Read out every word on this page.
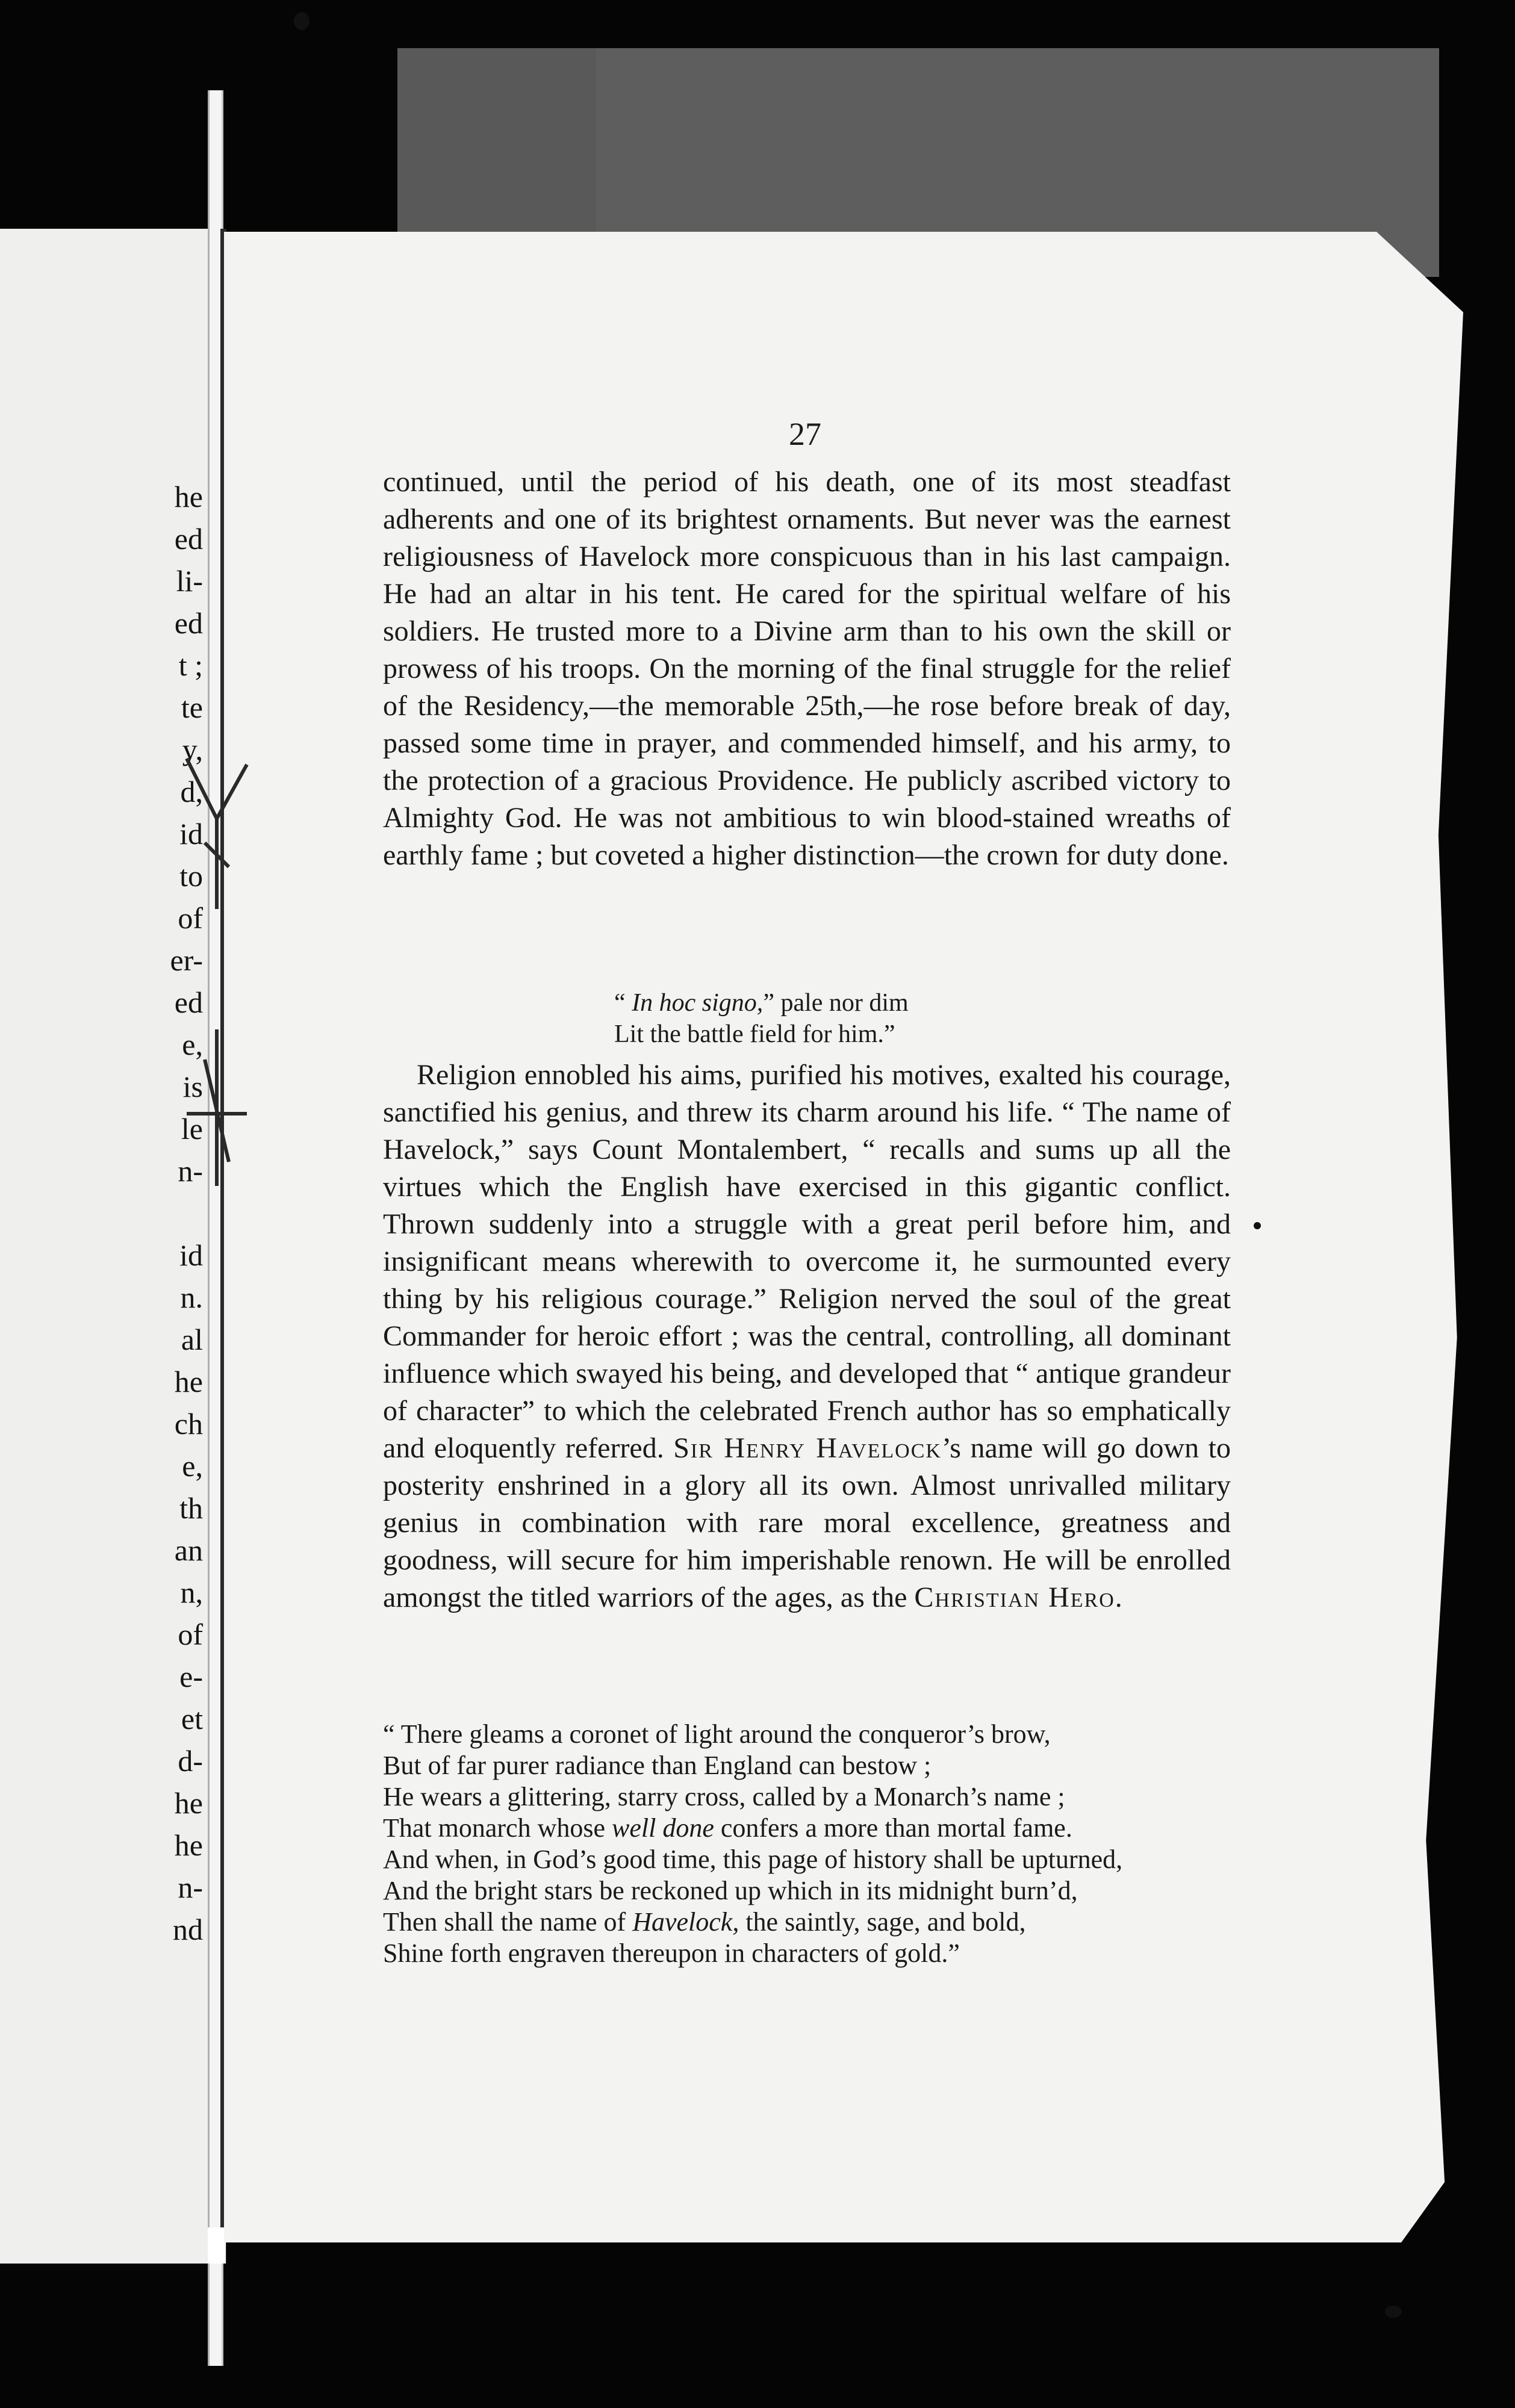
he
ed
li-
ed
t ;
te
y,
d,
id
to
of
er-
ed
e,
is
le
n-
id
n.
al
he
ch
e,
th
an
n,
of
e-
et
d-
he
he
n-
nd
27

continued, until the period of his death, one of its most steadfast adherents and one of its brightest ornaments. But never was the earnest religiousness of Havelock more conspicuous than in his last campaign. He had an altar in his tent. He cared for the spiritual welfare of his soldiers. He trusted more to a Divine arm than to his own the skill or prowess of his troops. On the morning of the final struggle for the relief of the Residency,—the memorable 25th,—he rose before break of day, passed some time in prayer, and commended himself, and his army, to the protection of a gracious Providence. He publicly ascribed victory to Almighty God. He was not ambitious to win blood-stained wreaths of earthly fame ; but coveted a higher distinction—the crown for duty done.

“ In hoc signo,” pale nor dim
Lit the battle field for him.”

Religion ennobled his aims, purified his motives, exalted his courage, sanctified his genius, and threw its charm around his life. “ The name of Havelock,” says Count Montalembert, “ recalls and sums up all the virtues which the English have exercised in this gigantic conflict. Thrown suddenly into a struggle with a great peril before him, and insignificant means wherewith to overcome it, he surmounted every thing by his religious courage.” Religion nerved the soul of the great Commander for heroic effort ; was the central, controlling, all dominant influence which swayed his being, and developed that “ antique grandeur of character” to which the celebrated French author has so emphatically and eloquently referred. Sir Henry Havelock’s name will go down to posterity enshrined in a glory all its own. Almost unrivalled military genius in combination with rare moral excellence, greatness and goodness, will secure for him imperishable renown. He will be enrolled amongst the titled warriors of the ages, as the Christian Hero.

“ There gleams a coronet of light around the conqueror’s brow,
But of far purer radiance than England can bestow ;
He wears a glittering, starry cross, called by a Monarch’s name ;
That monarch whose well done confers a more than mortal fame.
And when, in God’s good time, this page of history shall be upturned,
And the bright stars be reckoned up which in its midnight burn’d,
Then shall the name of Havelock, the saintly, sage, and bold,
Shine forth engraven thereupon in characters of gold.”
